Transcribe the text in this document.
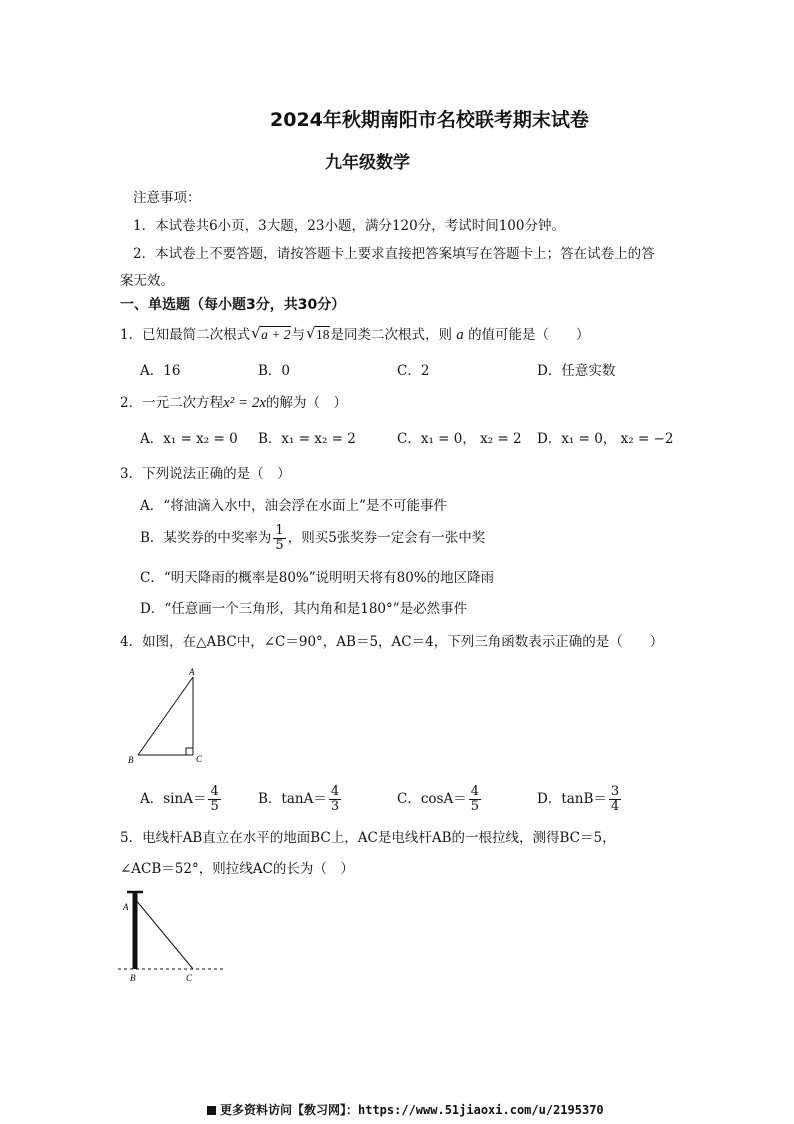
2024年秋期南阳市名校联考期末试卷
九年级数学
注意事项：
1．本试卷共6小页，3大题，23小题，满分120分，考试时间100分钟。
2．本试卷上不要答题，请按答题卡上要求直接把答案填写在答题卡上；答在试卷上的答
案无效。
一、单选题（每小题3分，共30分）
1．已知最简二次根式 √ a + 2与 √ 18是同类二次根式，则 a 的值可能是（　　）
A．16	B．0	C．2	D．任意实数
2．一元二次方程x² = 2x的解为（　）
A．x₁ = x₂ = 0 B．x₁ = x₂ = 2	C．x₁ = 0， x₂ = 2 D．x₁ = 0， x₂ = −2
3．下列说法正确的是（　）
A．“将油滴入水中，油会浮在水面上”是不可能事件
B．某奖券的中奖率为 $\frac{1}{5}$ ，则买5张奖券一定会有一张中奖
C．“明天降雨的概率是80%”说明明天将有80%的地区降雨
D．“任意画一个三角形，其内角和是180°”是必然事件
4．如图，在△ABC中，∠C＝90°，AB＝5，AC＝4，下列三角函数表示正确的是（　　）
A
B	C
A．$\sin A= \frac{4}{5}$	B．$\tan A= \frac{4}{3}$	C．$\cos A= \frac{4}{5}$	D．$\tan B= \frac{3}{4}$
5．电线杆AB直立在水平的地面BC上，AC是电线杆AB的一根拉线，测得BC＝5，
∠ACB＝52°，则拉线AC的长为（　）
A
B	C
更多资料访问【敎习网】：https://www.51jiaoxi.com/u/2195370
